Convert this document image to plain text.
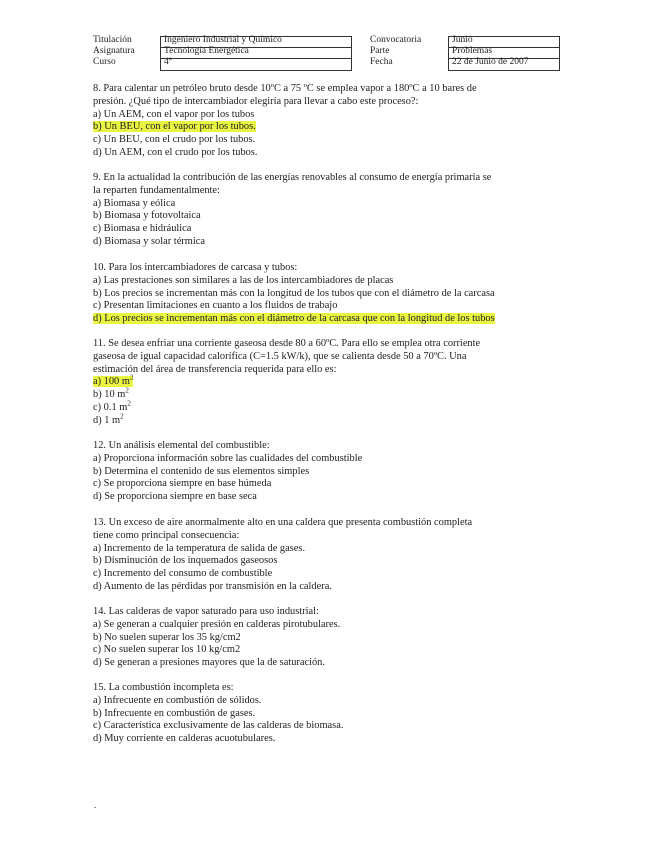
Titulación
Asignatura
Curso
Ingeniero Industrial y Químico
Tecnología Energética
4º
Convocatoria
Parte
Fecha
Junio
Problemas
22 de Junio de 2007
8. Para calentar un petróleo bruto desde 10ºC a 75 ºC se emplea vapor a 180ºC a 10 bares de
presión. ¿Qué tipo de intercambiador elegiría para llevar a cabo este proceso?:
a) Un AEM, con el vapor por los tubos
b) Un BEU, con el vapor por los tubos.
c) Un BEU, con el crudo por los tubos.
d) Un AEM, con el crudo por los tubos.
9. En la actualidad la contribución de las energías renovables al consumo de energía primaria se
la reparten fundamentalmente:
a) Biomasa y eólica
b) Biomasa y fotovoltaica
c) Biomasa e hidráulica
d) Biomasa y solar térmica
10. Para los intercambiadores de carcasa y tubos:
a) Las prestaciones son similares a las de los intercambiadores de placas
b) Los precios se incrementan más con la longitud de los tubos que con el diámetro de la carcasa
c) Presentan limitaciones en cuanto a los fluidos de trabajo
d) Los precios se incrementan más con el diámetro de la carcasa que con la longitud de los tubos
11. Se desea enfriar una corriente gaseosa desde 80 a 60ºC. Para ello se emplea otra corriente
gaseosa de igual capacidad calorífica (C=1.5 kW/k), que se calienta desde 50 a 70ºC. Una
estimación del área de transferencia requerida para ello es:
a) 100 $m^2$
b) 10 $m^2$
c) 0.1 $m^2$
d) 1 $m^2$
12. Un análisis elemental del combustible:
a) Proporciona información sobre las cualidades del combustible
b) Determina el contenido de sus elementos simples
c) Se proporciona siempre en base húmeda
d) Se proporciona siempre en base seca
13. Un exceso de aire anormalmente alto en una caldera que presenta combustión completa
tiene como principal consecuencia:
a) Incremento de la temperatura de salida de gases.
b) Disminución de los inquemados gaseosos
c) Incremento del consumo de combustible
d) Aumento de las pérdidas por transmisión en la caldera.
14. Las calderas de vapor saturado para uso industrial:
a) Se generan a cualquier presión en calderas pirotubulares.
b) No suelen superar los 35 kg/cm2
c) No suelen superar los 10 kg/cm2
d) Se generan a presiones mayores que la de saturación.
15. La combustión incompleta es:
a) Infrecuente en combustión de sólidos.
b) Infrecuente en combustión de gases.
c) Característica exclusivamente de las calderas de biomasa.
d) Muy corriente en calderas acuotubulares.
.
